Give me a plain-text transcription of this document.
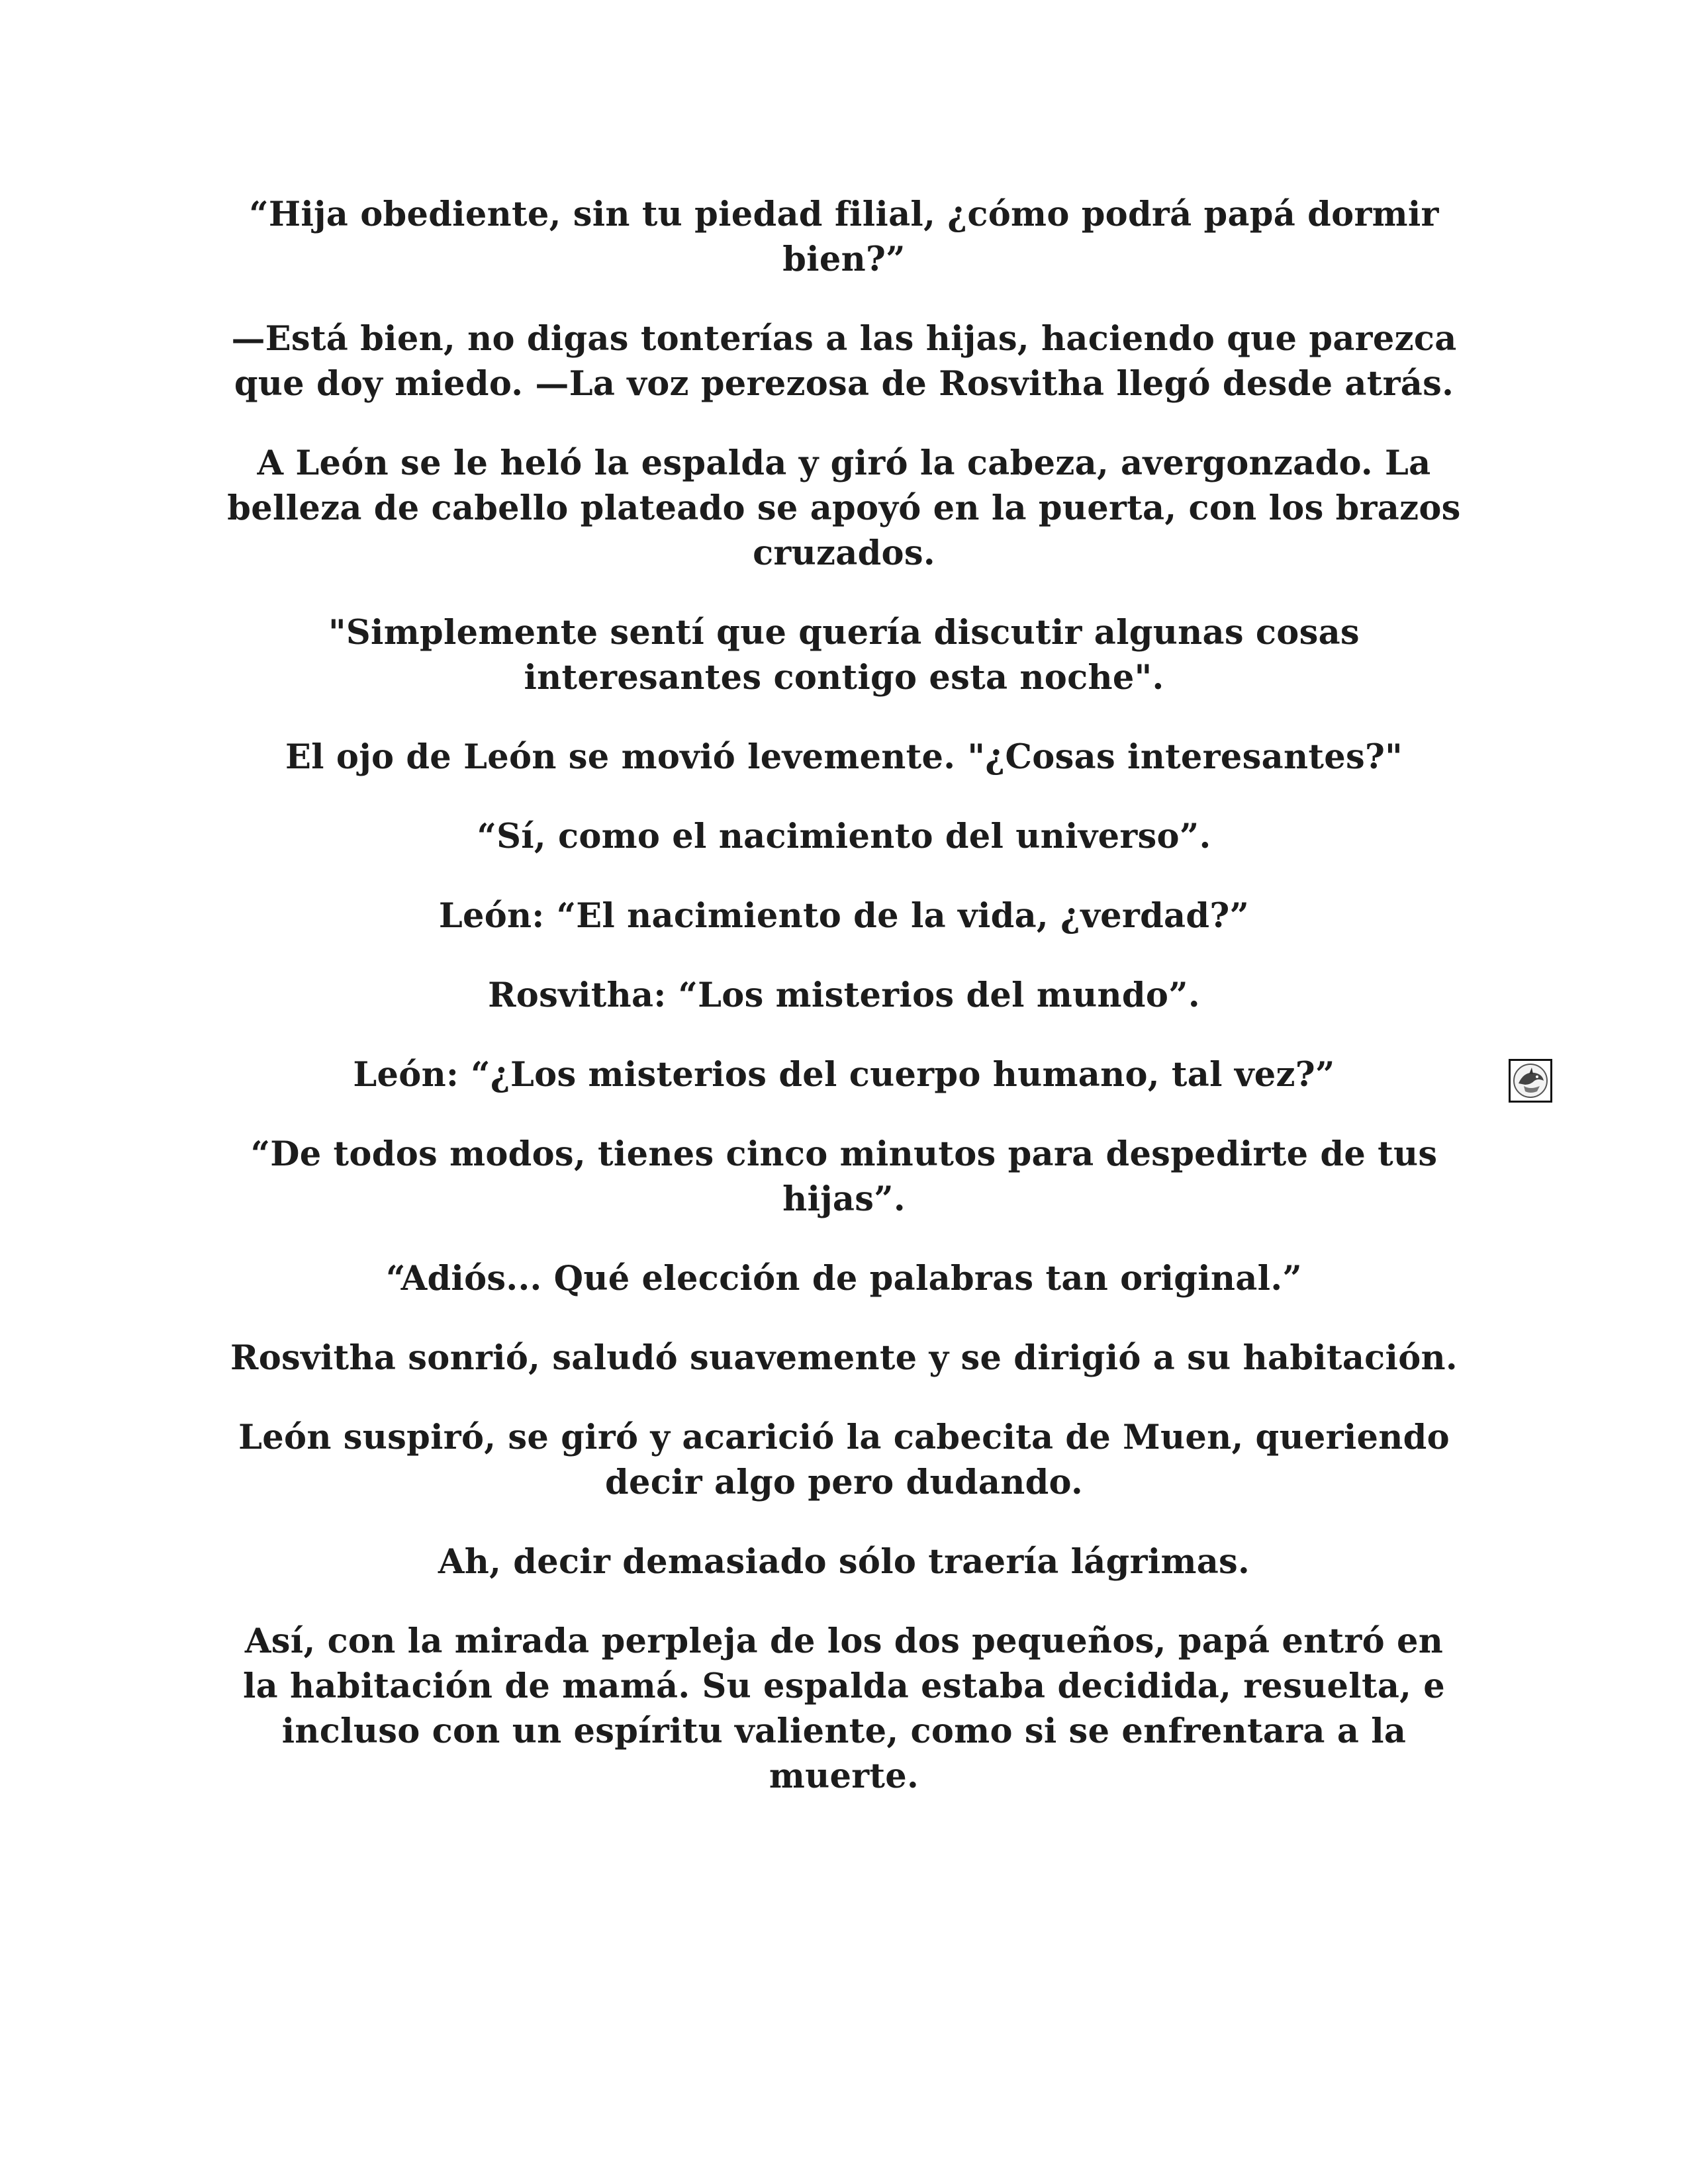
“Hija obediente, sin tu piedad filial, ¿cómo podrá papá dormir bien?”

—Está bien, no digas tonterías a las hijas, haciendo que parezca que doy miedo. —La voz perezosa de Rosvitha llegó desde atrás.

A León se le heló la espalda y giró la cabeza, avergonzado. La belleza de cabello plateado se apoyó en la puerta, con los brazos cruzados.

"Simplemente sentí que quería discutir algunas cosas interesantes contigo esta noche".

El ojo de León se movió levemente. "¿Cosas interesantes?"

“Sí, como el nacimiento del universo”.

León: “El nacimiento de la vida, ¿verdad?”

Rosvitha: “Los misterios del mundo”.

León: “¿Los misterios del cuerpo humano, tal vez?”

“De todos modos, tienes cinco minutos para despedirte de tus hijas”.

“Adiós... Qué elección de palabras tan original.”

Rosvitha sonrió, saludó suavemente y se dirigió a su habitación.

León suspiró, se giró y acarició la cabecita de Muen, queriendo decir algo pero dudando.

Ah, decir demasiado sólo traería lágrimas.

Así, con la mirada perpleja de los dos pequeños, papá entró en la habitación de mamá. Su espalda estaba decidida, resuelta, e incluso con un espíritu valiente, como si se enfrentara a la muerte.
